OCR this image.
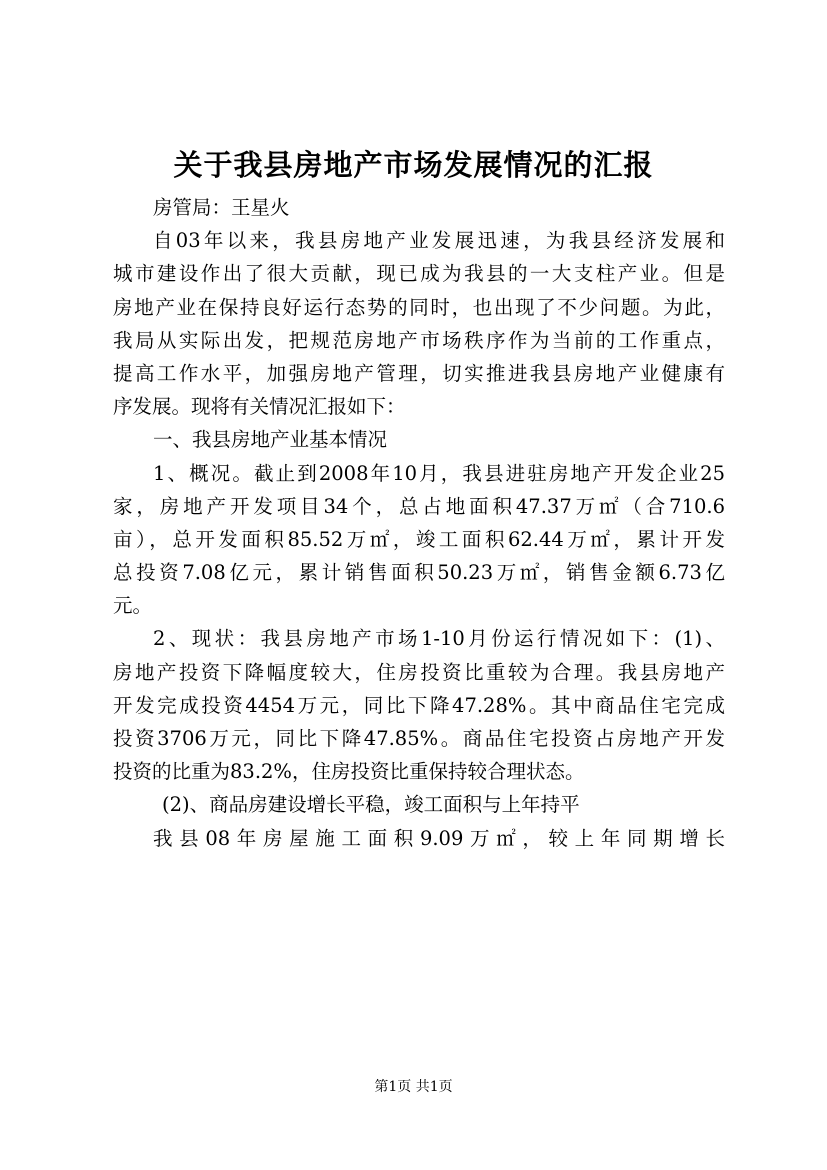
关于我县房地产市场发展情况的汇报
房管局：王星火
自03年以来，我县房地产业发展迅速，为我县经济发展和
城市建设作出了很大贡献，现已成为我县的一大支柱产业。但是
房地产业在保持良好运行态势的同时，也出现了不少问题。为此，
我局从实际出发，把规范房地产市场秩序作为当前的工作重点，
提高工作水平，加强房地产管理，切实推进我县房地产业健康有
序发展。现将有关情况汇报如下：
一、我县房地产业基本情况
1、概况。截止到2008年10月，我县进驻房地产开发企业25
家，房地产开发项目34个，总占地面积47.37万㎡（合710.6
亩），总开发面积85.52万㎡，竣工面积62.44万㎡，累计开发
总投资7.08亿元，累计销售面积50.23万㎡，销售金额6.73亿
元。
2、现状：我县房地产市场1-10月份运行情况如下：(1)、
房地产投资下降幅度较大，住房投资比重较为合理。我县房地产
开发完成投资4454万元，同比下降47.28%。其中商品住宅完成
投资3706万元，同比下降47.85%。商品住宅投资占房地产开发
投资的比重为83.2%，住房投资比重保持较合理状态。
(2)、商品房建设增长平稳，竣工面积与上年持平
我县08年房屋施工面积9.09万㎡，较上年同期增长
第1页 共1页
